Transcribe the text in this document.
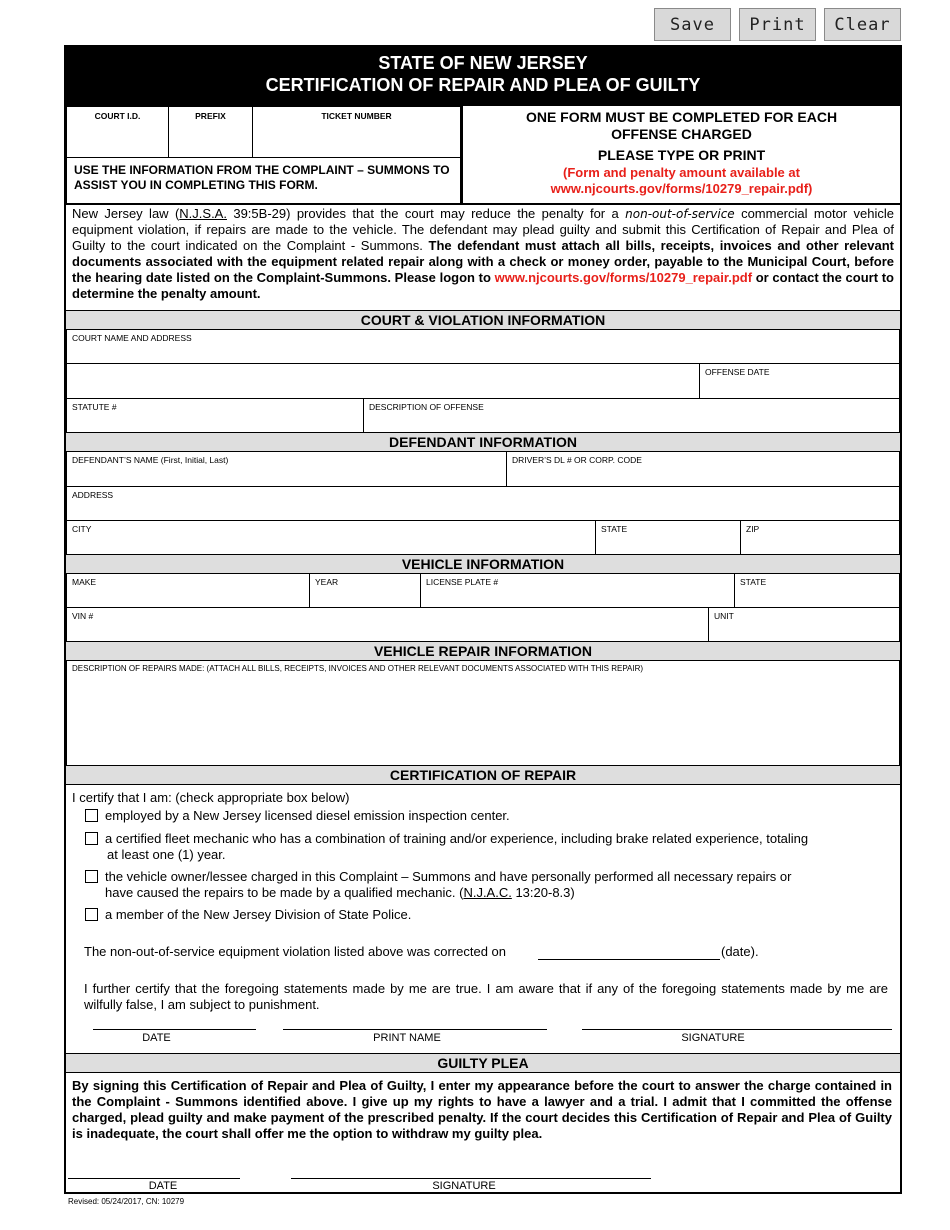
Save	Print	Clear
STATE OF NEW JERSEY
CERTIFICATION OF REPAIR AND PLEA OF GUILTY
COURT I.D.	PREFIX	TICKET NUMBER
USE THE INFORMATION FROM THE COMPLAINT – SUMMONS TO ASSIST YOU IN COMPLETING THIS FORM.
ONE FORM MUST BE COMPLETED FOR EACH
OFFENSE CHARGED
PLEASE TYPE OR PRINT
(Form and penalty amount available at
www.njcourts.gov/forms/10279_repair.pdf)
New Jersey law (N.J.S.A. 39:5B-29) provides that the court may reduce the penalty for a non-out-of-service commercial motor vehicle equipment violation, if repairs are made to the vehicle. The defendant may plead guilty and submit this Certification of Repair and Plea of Guilty to the court indicated on the Complaint - Summons. The defendant must attach all bills, receipts, invoices and other relevant documents associated with the equipment related repair along with a check or money order, payable to the Municipal Court, before the hearing date listed on the Complaint-Summons. Please logon to www.njcourts.gov/forms/10279_repair.pdf or contact the court to determine the penalty amount.
COURT & VIOLATION INFORMATION
COURT NAME AND ADDRESS
OFFENSE DATE
STATUTE #	DESCRIPTION OF OFFENSE
DEFENDANT INFORMATION
DEFENDANT’S NAME (First, Initial, Last)	DRIVER’S DL # OR CORP. CODE
ADDRESS
CITY	STATE	ZIP
VEHICLE INFORMATION
MAKE	YEAR	LICENSE PLATE #	STATE
VIN #	UNIT
VEHICLE REPAIR INFORMATION
DESCRIPTION OF REPAIRS MADE: (ATTACH ALL BILLS, RECEIPTS, INVOICES AND OTHER RELEVANT DOCUMENTS ASSOCIATED WITH THIS REPAIR)
CERTIFICATION OF REPAIR
I certify that I am: (check appropriate box below)
employed by a New Jersey licensed diesel emission inspection center.
a certified fleet mechanic who has a combination of training and/or experience, including brake related experience, totaling
at least one (1) year.
the vehicle owner/lessee charged in this Complaint – Summons and have personally performed all necessary repairs or
have caused the repairs to be made by a qualified mechanic. (N.J.A.C. 13:20-8.3)
a member of the New Jersey Division of State Police.
The non-out-of-service equipment violation listed above was corrected on	(date).
I further certify that the foregoing statements made by me are true. I am aware that if any of the foregoing statements made by me are wilfully false, I am subject to punishment.
DATE	PRINT NAME	SIGNATURE
GUILTY PLEA
By signing this Certification of Repair and Plea of Guilty, I enter my appearance before the court to answer the charge contained in the Complaint - Summons identified above. I give up my rights to have a lawyer and a trial. I admit that I committed the offense charged, plead guilty and make payment of the prescribed penalty. If the court decides this Certification of Repair and Plea of Guilty is inadequate, the court shall offer me the option to withdraw my guilty plea.
DATE	SIGNATURE
Revised: 05/24/2017, CN: 10279
